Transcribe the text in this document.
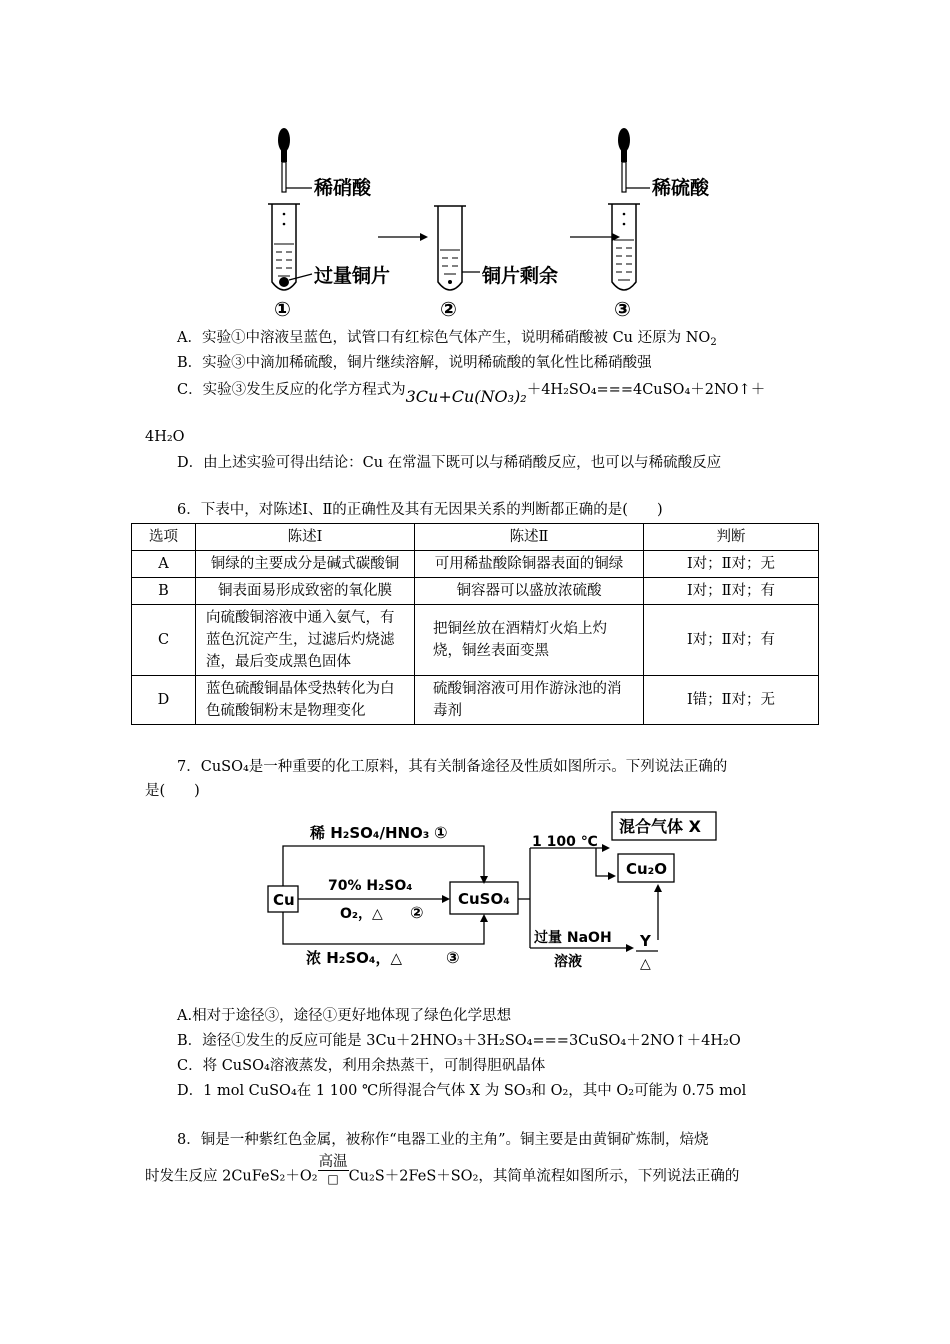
稀硝酸
过量铜片	铜片剩余
稀硫酸
①	②	③
A．实验①中溶液呈蓝色，试管口有红棕色气体产生，说明稀硝酸被 Cu 还原为 $NO_2$
B．实验③中滴加稀硫酸，铜片继续溶解，说明稀硫酸的氧化性比稀硝酸强
C．实验③发生反应的化学方程式为3Cu+Cu(NO₃)₂＋4H₂SO₄===4CuSO₄＋2NO↑＋
4H₂O
D．由上述实验可得出结论：Cu 在常温下既可以与稀硝酸反应，也可以与稀硫酸反应
6．下表中，对陈述Ⅰ、Ⅱ的正确性及其有无因果关系的判断都正确的是(　　)
选项	陈述Ⅰ	陈述Ⅱ	判断
A	铜绿的主要成分是碱式碳酸铜	可用稀盐酸除铜器表面的铜绿	Ⅰ对；Ⅱ对；无
B	铜表面易形成致密的氧化膜	铜容器可以盛放浓硫酸	Ⅰ对；Ⅱ对；有
C	向硫酸铜溶液中通入氨气，有蓝色沉淀产生，过滤后灼烧滤渣，最后变成黑色固体	把铜丝放在酒精灯火焰上灼烧，铜丝表面变黑	Ⅰ对；Ⅱ对；有
D	蓝色硫酸铜晶体受热转化为白色硫酸铜粉末是物理变化	硫酸铜溶液可用作游泳池的消毒剂	Ⅰ错；Ⅱ对；无
7．CuSO₄是一种重要的化工原料，其有关制备途径及性质如图所示。下列说法正确的
是(　　)
Cu	CuSO₄
稀 H₂SO₄/HNO₃ ①
70% H₂SO₄
O₂，△ ②
浓 H₂SO₄，△	③
1 100 ℃
混合气体 X
Cu₂O
过量 NaOH
溶液
Y
△
A.相对于途径③，途径①更好地体现了绿色化学思想
B．途径①发生的反应可能是 3Cu＋2HNO₃＋3H₂SO₄===3CuSO₄＋2NO↑＋4H₂O
C．将 CuSO₄溶液蒸发，利用余热蒸干，可制得胆矾晶体
D．1 mol CuSO₄在 1 100 ℃所得混合气体 X 为 SO₃和 O₂，其中 O₂可能为 0.75 mol
8．铜是一种紫红色金属，被称作“电器工业的主角”。铜主要是由黄铜矿炼制，焙烧
时发生反应 2CuFeS₂＋O₂ $\frac{\text{高温}}{□} Cu_2S+2FeS+SO_2$，其简单流程如图所示，下列说法正确的
